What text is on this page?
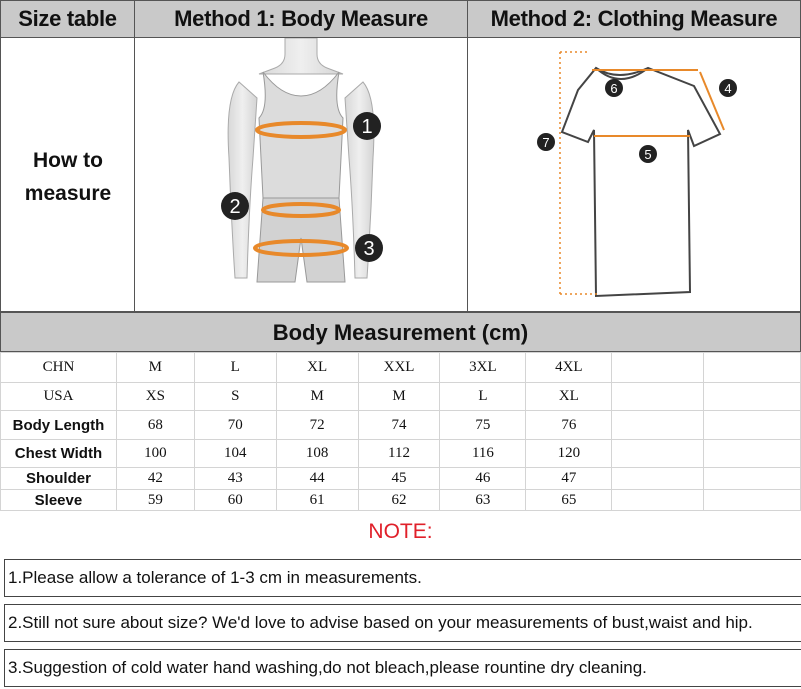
Size table	Method 1: Body Measure	Method 2: Clothing Measure
How to
measure
1
2
3
4
5
6
7
Body Measurement (cm)
CHN	M	L	XL	XXL	3XL	4XL		
USA	XS	S	M	M	L	XL		
Body Length	68	70	72	74	75	76		
Chest Width	100	104	108	112	116	120		
Shoulder	42	43	44	45	46	47		
Sleeve	59	60	61	62	63	65		
NOTE:
1.Please allow a tolerance of 1-3 cm in measurements.
2.Still not sure about size? We'd love to advise based on your measurements of bust,waist and hip.
3.Suggestion of cold water hand washing,do not bleach,please rountine dry cleaning.
